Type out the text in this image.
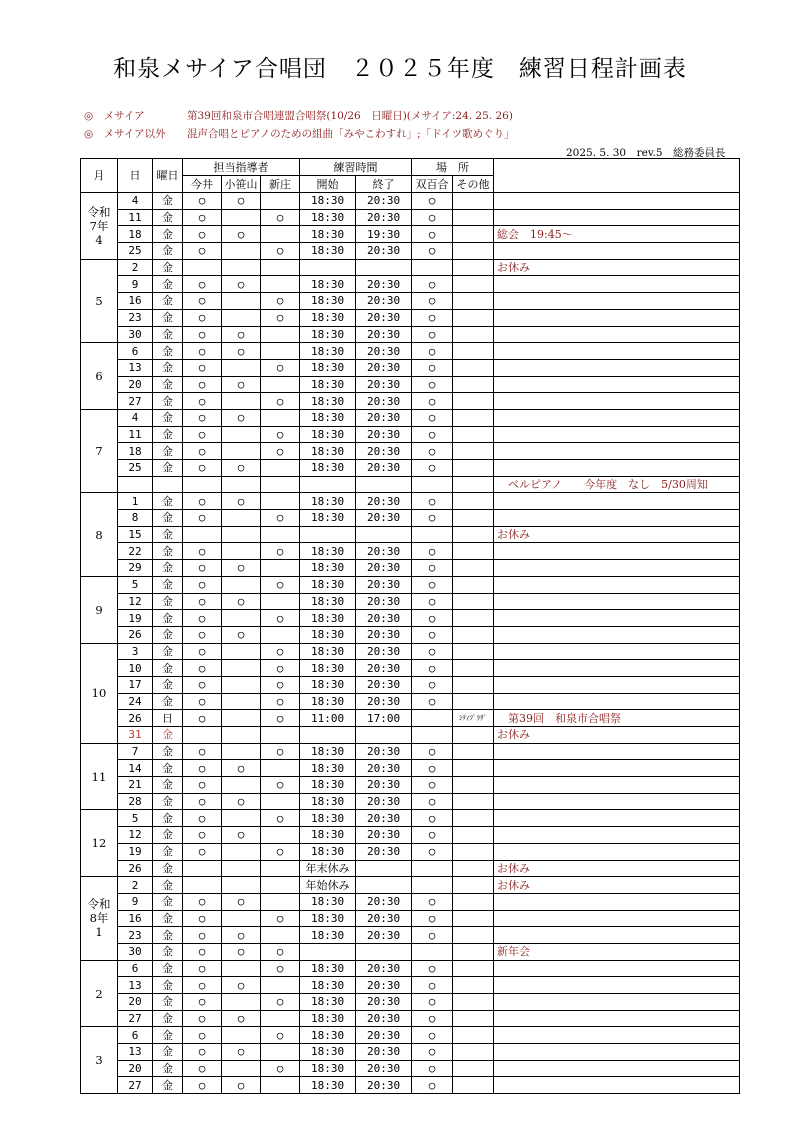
和泉メサイア合唱団　２０２５年度　練習日程計画表
◎　メサイア	第39回和泉市合唱連盟合唱祭(10/26　日曜日)(メサイア:24. 25. 26)
◎　メサイア以外 混声合唱とピアノのための組曲「みやこわすれ」;「ドイツ歌めぐり」
2025. 5. 30　rev.5　総務委員長
月	日	曜日	担当指導者			練習時間		場　所		
			今井	小笹山	新庄	開始	終了	双百合	その他	
令和
7年
4	4	金	○	○		18:30	20:30	○		
	11	金	○		○	18:30	20:30	○		
	18	金	○	○		18:30	19:30	○		総会　19:45～
	25	金	○		○	18:30	20:30	○		
5	2	金								お休み
	9	金	○	○		18:30	20:30	○		
	16	金	○		○	18:30	20:30	○		
	23	金	○		○	18:30	20:30	○		
	30	金	○	○		18:30	20:30	○		
6	6	金	○	○		18:30	20:30	○		
	13	金	○		○	18:30	20:30	○		
	20	金	○	○		18:30	20:30	○		
	27	金	○		○	18:30	20:30	○		
7	4	金	○	○		18:30	20:30	○		
	11	金	○		○	18:30	20:30	○		
	18	金	○		○	18:30	20:30	○		
	25	金	○	○		18:30	20:30	○		
										　ベルピアノ　　今年度　なし　5/30周知
8	1	金	○	○		18:30	20:30	○		
	8	金	○		○	18:30	20:30	○		
	15	金								お休み
	22	金	○		○	18:30	20:30	○		
	29	金	○	○		18:30	20:30	○		
9	5	金	○		○	18:30	20:30	○		
	12	金	○	○		18:30	20:30	○		
	19	金	○		○	18:30	20:30	○		
	26	金	○	○		18:30	20:30	○		
10	3	金	○		○	18:30	20:30	○		
	10	金	○		○	18:30	20:30	○		
	17	金	○		○	18:30	20:30	○		
	24	金	○		○	18:30	20:30	○		
	26	日	○		○	11:00	17:00		ｼﾃｨﾌﾟﾗｻﾞ	　第39回　和泉市合唱祭
	31	金								お休み
11	7	金	○		○	18:30	20:30	○		
	14	金	○	○		18:30	20:30	○		
	21	金	○		○	18:30	20:30	○		
	28	金	○	○		18:30	20:30	○		
12	5	金	○		○	18:30	20:30	○		
	12	金	○	○		18:30	20:30	○		
	19	金	○		○	18:30	20:30	○		
	26	金				年末休み				お休み
令和
8年
1	2	金				年始休み				お休み
	9	金	○	○		18:30	20:30	○		
	16	金	○		○	18:30	20:30	○		
	23	金	○	○		18:30	20:30	○		
	30	金	○	○	○					新年会
2	6	金	○		○	18:30	20:30	○		
	13	金	○	○		18:30	20:30	○		
	20	金	○		○	18:30	20:30	○		
	27	金	○	○		18:30	20:30	○		
3	6	金	○		○	18:30	20:30	○		
	13	金	○	○		18:30	20:30	○		
	20	金	○		○	18:30	20:30	○		
	27	金	○	○		18:30	20:30	○		
